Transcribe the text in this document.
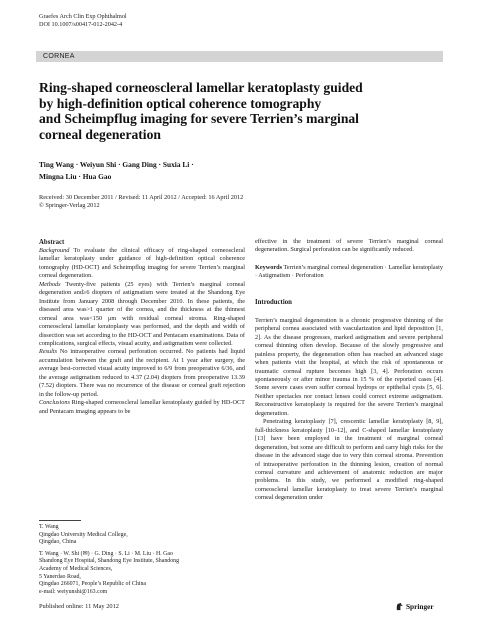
Graefes Arch Clin Exp Ophthalmol
DOI 10.1007/s00417-012-2042-4
CORNEA
Ring-shaped corneoscleral lamellar keratoplasty guided
by high-definition optical coherence tomography
and Scheimpflug imaging for severe Terrien’s marginal
corneal degeneration
Ting Wang · Weiyun Shi · Gang Ding · Suxia Li ·
Mingna Liu · Hua Gao
Received: 30 December 2011 / Revised: 11 April 2012 / Accepted: 16 April 2012
© Springer-Verlag 2012

Abstract

Background To evaluate the clinical efficacy of ring-shaped corneoscleral lamellar keratoplasty under guidance of high-definition optical coherence tomography (HD-OCT) and Scheimpflug imaging for severe Terrien’s marginal corneal degeneration.

Methods Twenty-five patients (25 eyes) with Terrien’s marginal corneal degeneration and≥6 diopters of astigmatism were treated at the Shandong Eye Institute from January 2008 through December 2010. In these patients, the diseased area was>1 quarter of the cornea, and the thickness at the thinnest corneal area was<150 μm with residual corneal stroma. Ring-shaped corneoscleral lamellar keratoplasty was performed, and the depth and width of dissection was set according to the HD-OCT and Pentacam examinations. Data of complications, surgical effects, visual acuity, and astigmatism were collected.

Results No intraoperative corneal perforation occurred. No patients had liquid accumulation between the graft and the recipient. At 1 year after surgery, the average best-corrected visual acuity improved to 6/9 from preoperative 6/36, and the average astigmatism reduced to 4.37 (2.04) diopters from preoperative 13.39 (7.52) diopters. There was no recurrence of the disease or corneal graft rejection in the follow-up period.

Conclusions Ring-shaped corneoscleral lamellar keratoplasty guided by HD-OCT and Pentacam imaging appears to be

T. Wang
Qingdao University Medical College,
Qingdao, China
T. Wang · W. Shi (✉) · G. Ding · S. Li · M. Liu · H. Gao
Shandong Eye Hospital, Shandong Eye Institute, Shandong
Academy of Medical Sciences,
5 Yanerdao Road,
Qingdao 266071, People’s Republic of China
e-mail: weiyunshi@163.com

effective in the treatment of severe Terrien’s marginal corneal degeneration. Surgical perforation can be significantly reduced.

Keywords Terrien’s marginal corneal degeneration · Lamellar keratoplasty · Astigmatism · Perforation

Introduction

Terrien’s marginal degeneration is a chronic progressive thinning of the peripheral cornea associated with vascularization and lipid deposition [1, 2]. As the disease progresses, marked astigmatism and severe peripheral corneal thinning often develop. Because of the slowly progressive and painless property, the degeneration often has reached an advanced stage when patients visit the hospital, at which the risk of spontaneous or traumatic corneal rupture becomes high [3, 4]. Perforation occurs spontaneously or after minor trauma in 15 % of the reported cases [4]. Some severe cases even suffer corneal hydrops or epithelial cysts [5, 6]. Neither spectacles nor contact lenses could correct extreme astigmatism. Reconstructive keratoplasty is required for the severe Terrien’s marginal degeneration.

Penetrating keratoplasty [7], crescentic lamellar keratoplasty [8, 9], full-thickness keratoplasty [10–12], and C-shaped lamellar keratoplasty [13] have been employed in the treatment of marginal corneal degeneration, but some are difficult to perform and carry high risks for the disease in the advanced stage due to very thin corneal stroma. Prevention of intraoperative perforation in the thinning lesion, creation of normal corneal curvature and achievement of anatomic reduction are major problems. In this study, we performed a modified ring-shaped corneoscleral lamellar keratoplasty to treat severe Terrien’s marginal corneal degeneration under

Published online: 11 May 2012	Springer
